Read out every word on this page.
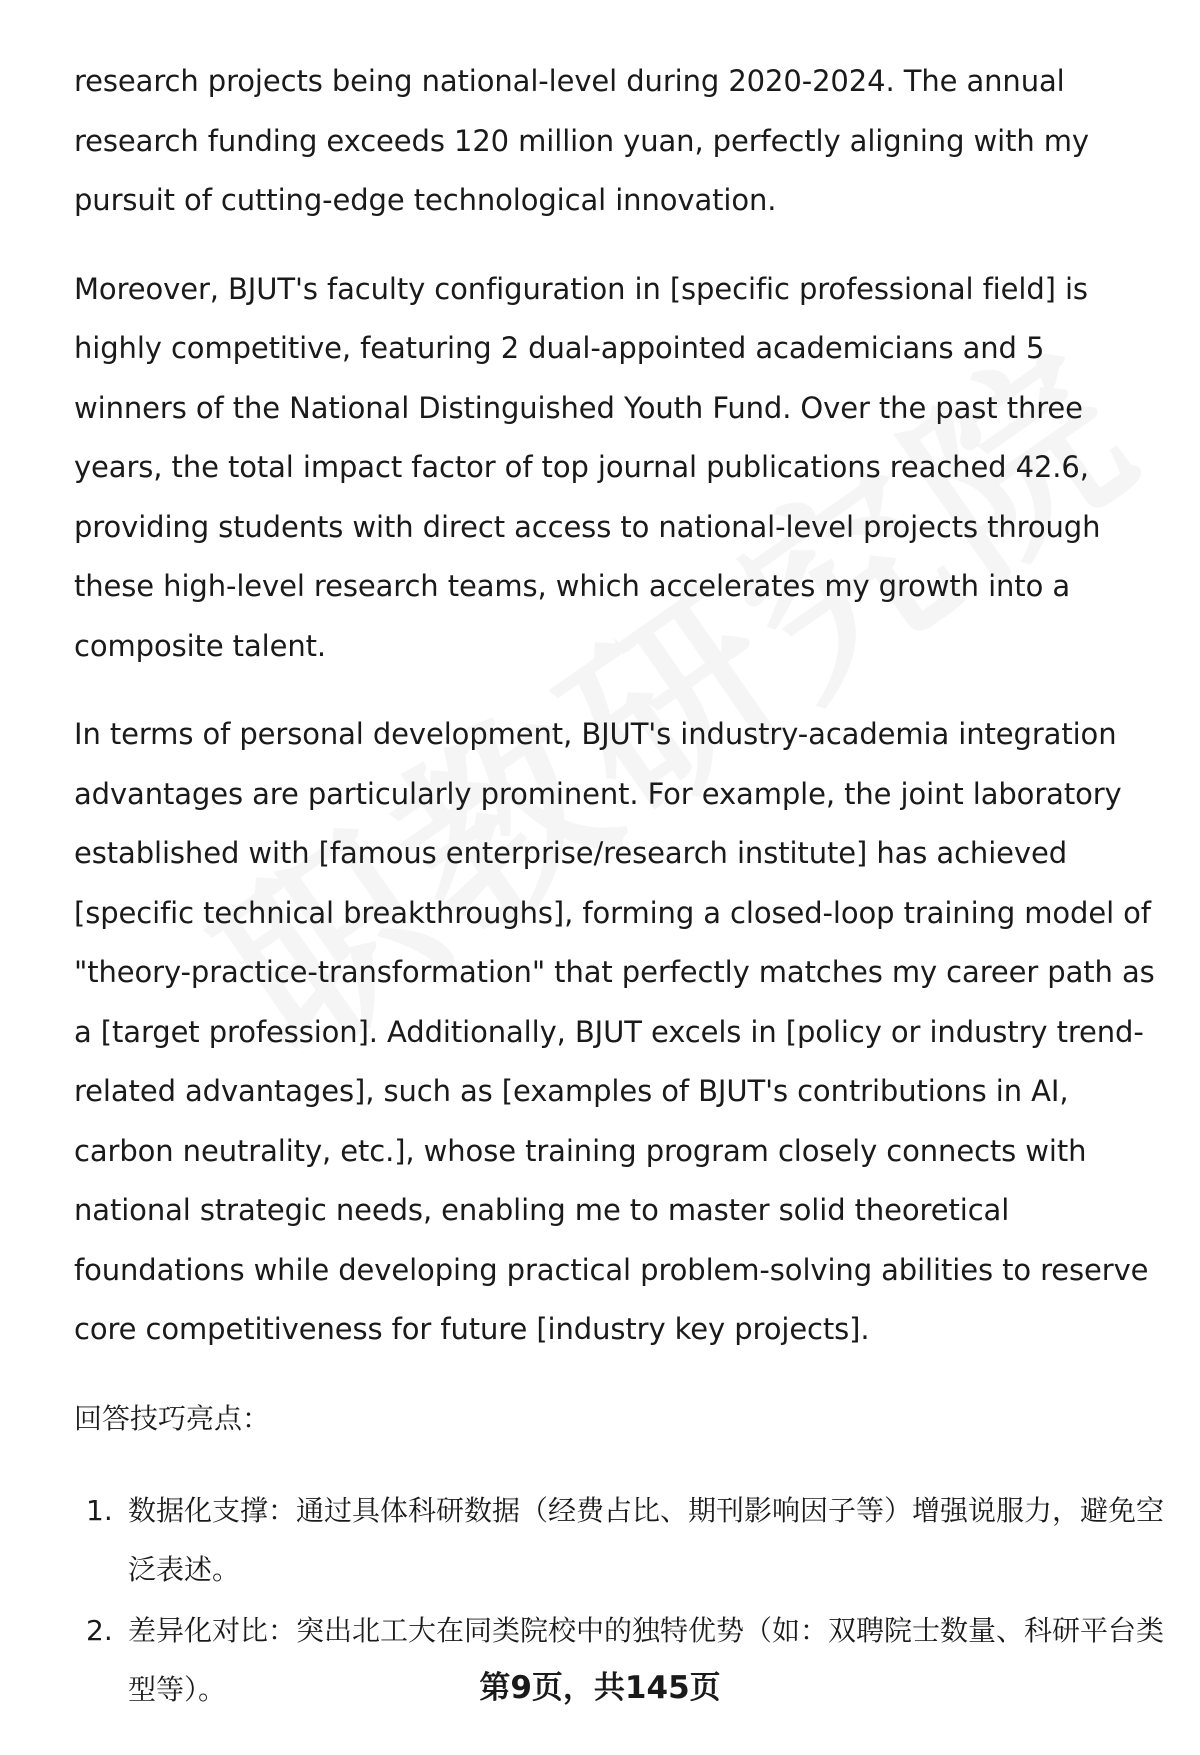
research projects being national-level during 2020-2024. The annual research funding exceeds 120 million yuan, perfectly aligning with my pursuit of cutting-edge technological innovation.

Moreover, BJUT's faculty configuration in [specific professional field] is highly competitive, featuring 2 dual-appointed academicians and 5 winners of the National Distinguished Youth Fund. Over the past three years, the total impact factor of top journal publications reached 42.6, providing students with direct access to national-level projects through these high-level research teams, which accelerates my growth into a composite talent.

In terms of personal development, BJUT's industry-academia integration advantages are particularly prominent. For example, the joint laboratory established with [famous enterprise/research institute] has achieved [specific technical breakthroughs], forming a closed-loop training model of "theory-practice-transformation" that perfectly matches my career path as a [target profession]. Additionally, BJUT excels in [policy or industry trend-related advantages], such as [examples of BJUT's contributions in AI, carbon neutrality, etc.], whose training program closely connects with national strategic needs, enabling me to master solid theoretical foundations while developing practical problem-solving abilities to reserve core competitiveness for future [industry key projects].

回答技巧亮点：
1. 数据化支撑：通过具体科研数据（经费占比、期刊影响因子等）增强说服力，避免空泛表述。
2. 差异化对比：突出北工大在同类院校中的独特优势（如：双聘院士数量、科研平台类型等）。	第9页，共145页
